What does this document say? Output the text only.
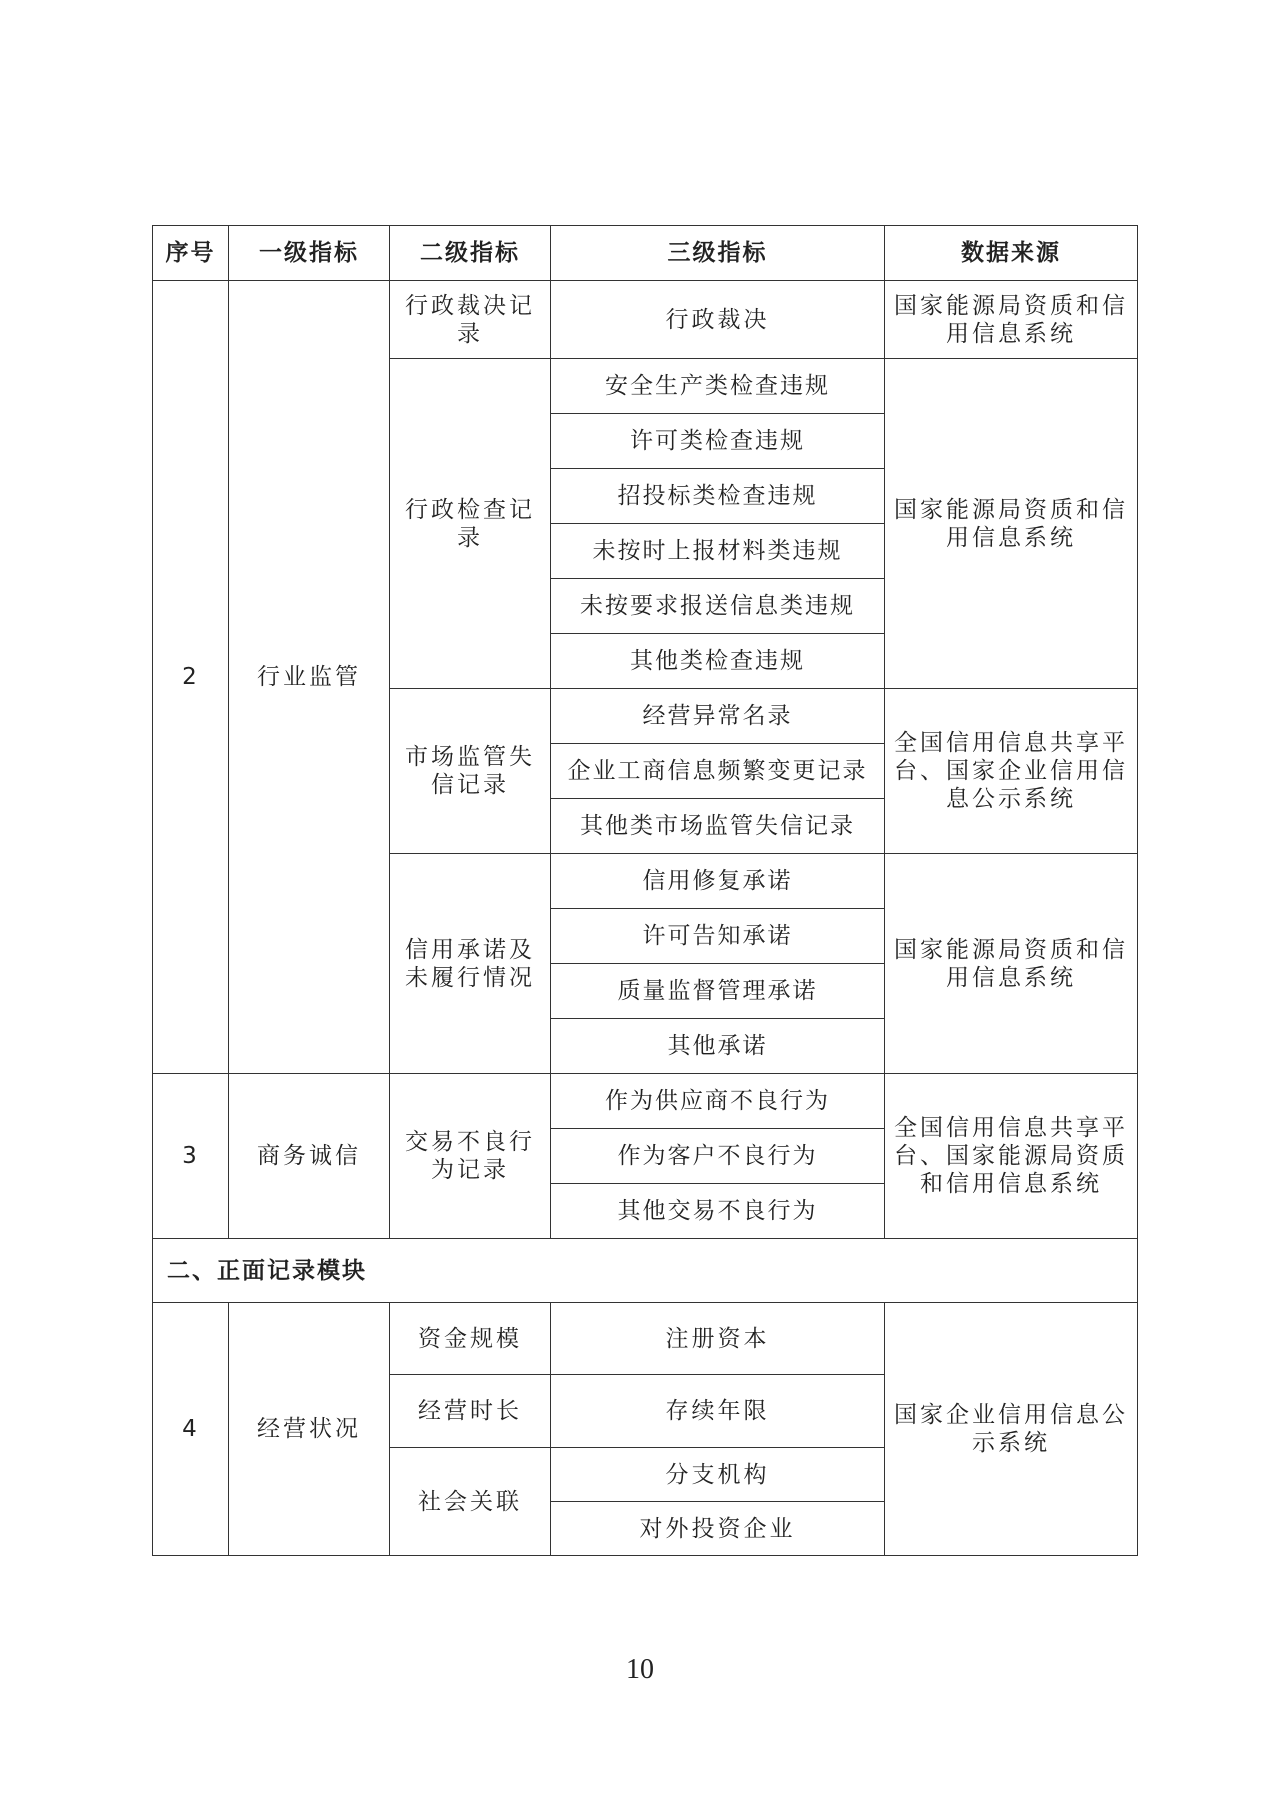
序号	一级指标	二级指标	三级指标	数据来源
2	行业监管	行政裁决记录	行政裁决	国家能源局资质和信用信息系统
		行政检查记录	安全生产类检查违规	国家能源局资质和信用信息系统
			许可类检查违规	
			招投标类检查违规	
			未按时上报材料类违规	
			未按要求报送信息类违规	
			其他类检查违规	
		市场监管失信记录	经营异常名录	全国信用信息共享平台、国家企业信用信息公示系统
			企业工商信息频繁变更记录	
			其他类市场监管失信记录	
		信用承诺及未履行情况	信用修复承诺	国家能源局资质和信用信息系统
			许可告知承诺	
			质量监督管理承诺	
			其他承诺	
3	商务诚信	交易不良行为记录	作为供应商不良行为	全国信用信息共享平台、国家能源局资质和信用信息系统
			作为客户不良行为	
			其他交易不良行为	
二、正面记录模块				
4	经营状况	资金规模	注册资本	国家企业信用信息公示系统
		经营时长	存续年限	
		社会关联	分支机构	
			对外投资企业	
10
